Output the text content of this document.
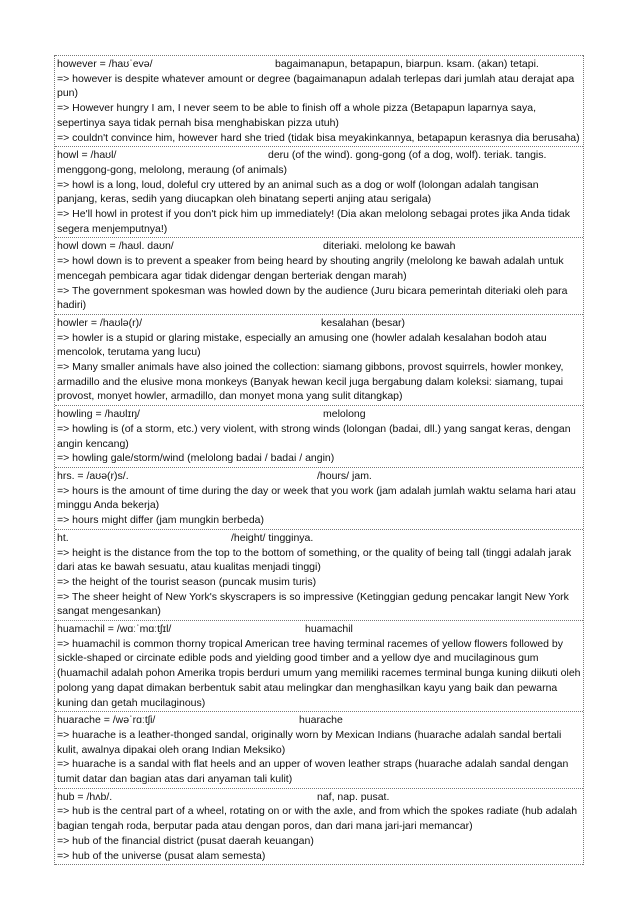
however = /haʊˈevə/	bagaimanapun, betapapun, biarpun. ksam. (akan) tetapi.
=> however is despite whatever amount or degree (bagaimanapun adalah terlepas dari jumlah atau derajat apa pun)
=> However hungry I am, I never seem to be able to finish off a whole pizza (Betapapun laparnya saya, sepertinya saya tidak pernah bisa menghabiskan pizza utuh)
=> couldn't convince him, however hard she tried (tidak bisa meyakinkannya, betapapun kerasnya dia berusaha)
howl = /haʊl/	deru (of the wind). gong-gong (of a dog, wolf). teriak. tangis. menggong-gong, melolong, meraung (of animals)
=> howl is a long, loud, doleful cry uttered by an animal such as a dog or wolf (lolongan adalah tangisan panjang, keras, sedih yang diucapkan oleh binatang seperti anjing atau serigala)
=> He'll howl in protest if you don't pick him up immediately! (Dia akan melolong sebagai protes jika Anda tidak segera menjemputnya!)
howl down = /haʊl. daʊn/	diteriaki. melolong ke bawah
=> howl down is to prevent a speaker from being heard by shouting angrily (melolong ke bawah adalah untuk mencegah pembicara agar tidak didengar dengan berteriak dengan marah)
=> The government spokesman was howled down by the audience (Juru bicara pemerintah diteriaki oleh para hadiri)
howler = /haʊlə(r)/	kesalahan (besar)
=> howler is a stupid or glaring mistake, especially an amusing one (howler adalah kesalahan bodoh atau mencolok, terutama yang lucu)
=> Many smaller animals have also joined the collection: siamang gibbons, provost squirrels, howler monkey, armadillo and the elusive mona monkeys (Banyak hewan kecil juga bergabung dalam koleksi: siamang, tupai provost, monyet howler, armadillo, dan monyet mona yang sulit ditangkap)
howling = /haʊlɪŋ/	melolong
=> howling is (of a storm, etc.) very violent, with strong winds (lolongan (badai, dll.) yang sangat keras, dengan angin kencang)
=> howling gale/storm/wind (melolong badai / badai / angin)
hrs. = /aʊə(r)s/.	/hours/ jam.
=> hours is the amount of time during the day or week that you work (jam adalah jumlah waktu selama hari atau minggu Anda bekerja)
=> hours might differ (jam mungkin berbeda)
ht.	/height/ tingginya.
=> height is the distance from the top to the bottom of something, or the quality of being tall (tinggi adalah jarak dari atas ke bawah sesuatu, atau kualitas menjadi tinggi)
=> the height of the tourist season (puncak musim turis)
=> The sheer height of New York's skyscrapers is so impressive (Ketinggian gedung pencakar langit New York sangat mengesankan)
huamachil = /wɑːˈmɑːtʃɪl/	huamachil
=> huamachil is common thorny tropical American tree having terminal racemes of yellow flowers followed by sickle-shaped or circinate edible pods and yielding good timber and a yellow dye and mucilaginous gum (huamachil adalah pohon Amerika tropis berduri umum yang memiliki racemes terminal bunga kuning diikuti oleh polong yang dapat dimakan berbentuk sabit atau melingkar dan menghasilkan kayu yang baik dan pewarna kuning dan getah mucilaginous)
huarache = /wəˈrɑːtʃi/	huarache
=> huarache is a leather-thonged sandal, originally worn by Mexican Indians (huarache adalah sandal bertali kulit, awalnya dipakai oleh orang Indian Meksiko)
=> huarache is a sandal with flat heels and an upper of woven leather straps (huarache adalah sandal dengan tumit datar dan bagian atas dari anyaman tali kulit)
hub = /hʌb/.	naf, nap. pusat.
=> hub is the central part of a wheel, rotating on or with the axle, and from which the spokes radiate (hub adalah bagian tengah roda, berputar pada atau dengan poros, dan dari mana jari-jari memancar)
=> hub of the financial district (pusat daerah keuangan)
=> hub of the universe (pusat alam semesta)
